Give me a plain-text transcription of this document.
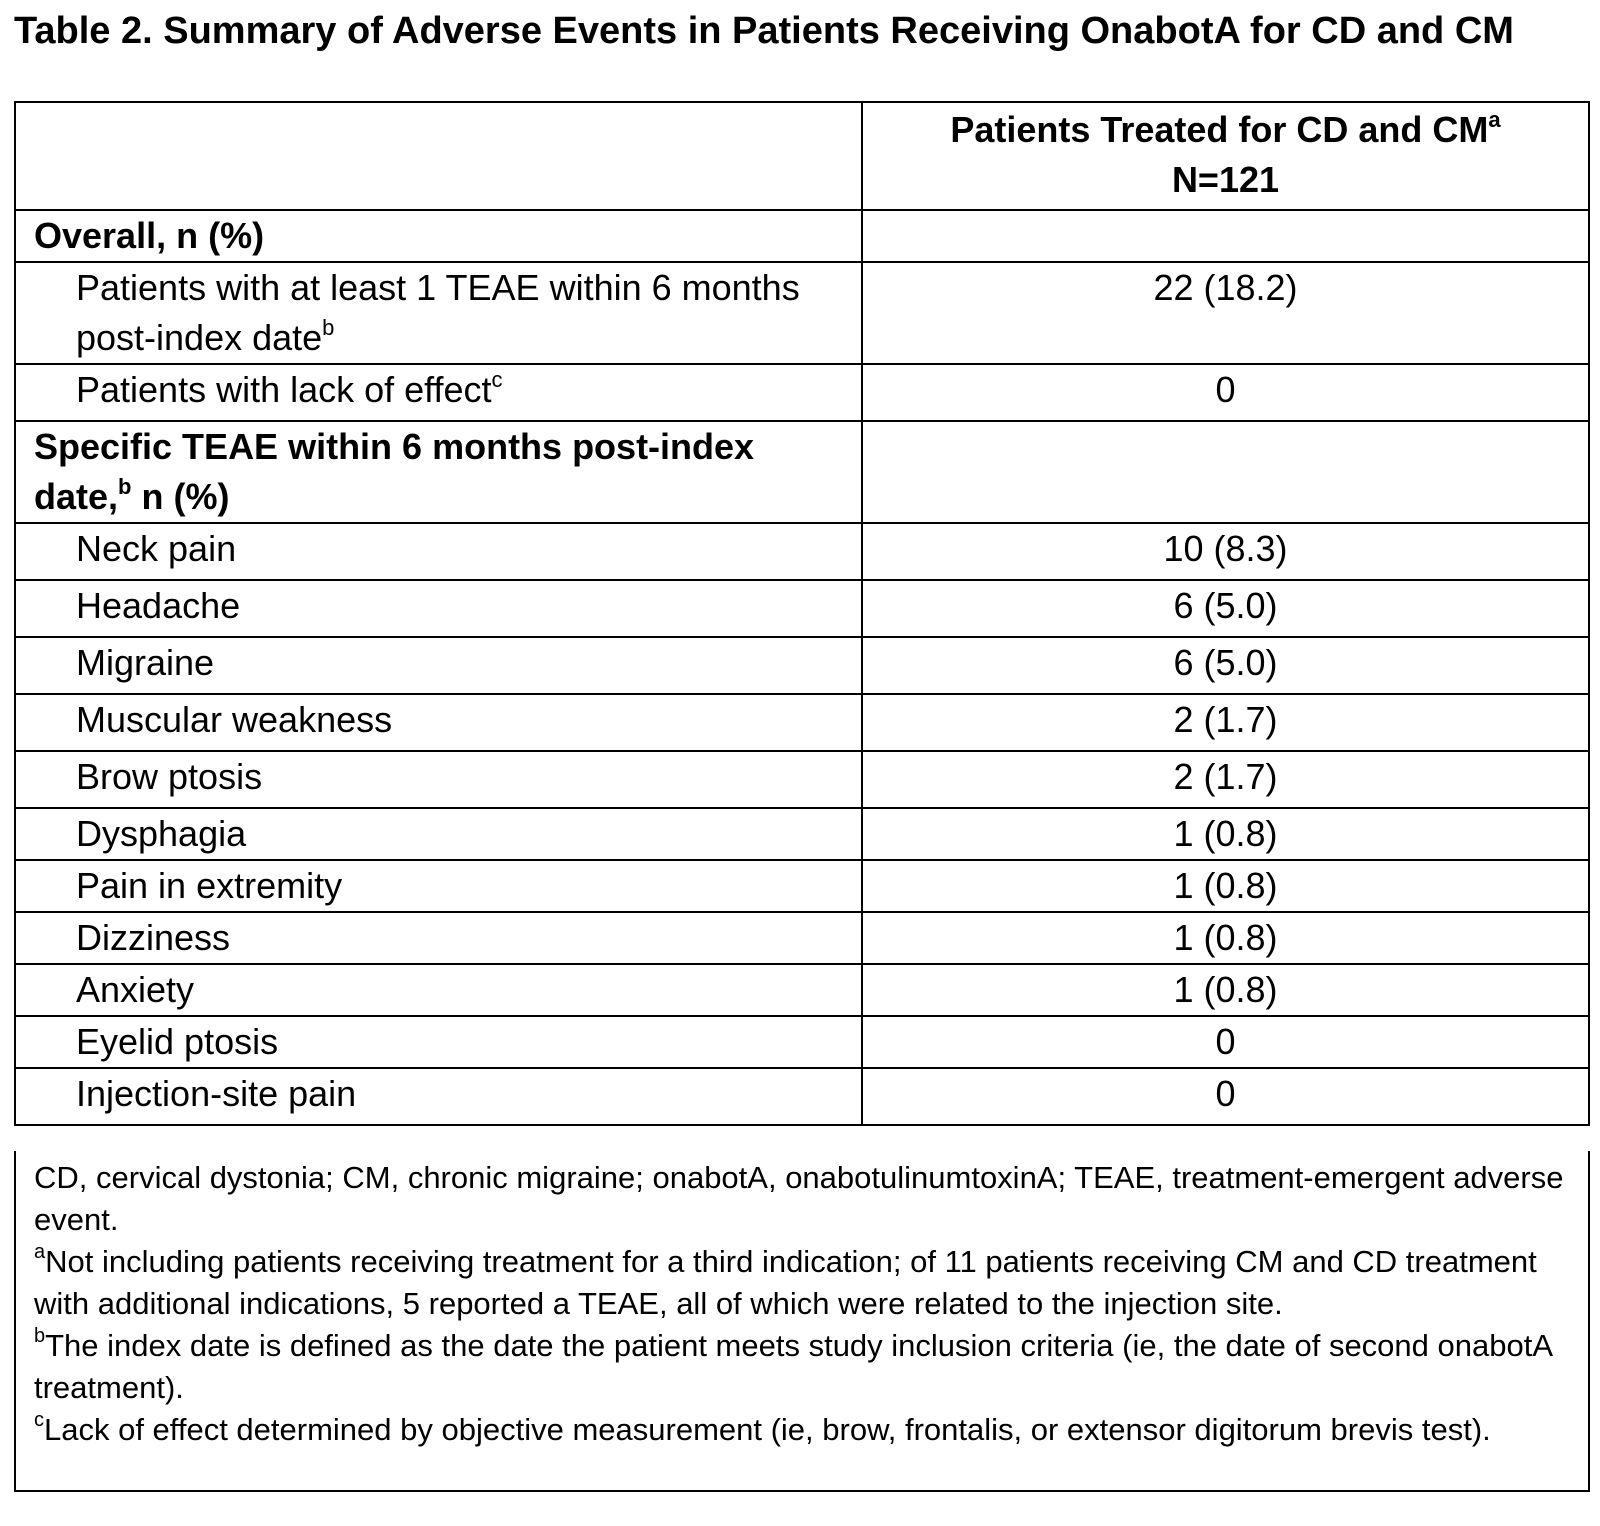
Table 2. Summary of Adverse Events in Patients Receiving OnabotA for CD and CM
	Patients Treated for CD and $CM^a$
N=121
Overall, n (%)	
Patients with at least 1 TEAE within 6 months post-index date$^b$	22 (18.2)
Patients with lack of effect$^c$	0
Specific TEAE within 6 months post-index date,$^b$ n (%)	
Neck pain	10 (8.3)
Headache	6 (5.0)
Migraine	6 (5.0)
Muscular weakness	2 (1.7)
Brow ptosis	2 (1.7)
Dysphagia	1 (0.8)
Pain in extremity	1 (0.8)
Dizziness	1 (0.8)
Anxiety	1 (0.8)
Eyelid ptosis	0
Injection-site pain	0

CD, cervical dystonia; CM, chronic migraine; onabotA, onabotulinumtoxinA; TEAE, treatment-emergent adverse event.

$^a$Not including patients receiving treatment for a third indication; of 11 patients receiving CM and CD treatment with additional indications, 5 reported a TEAE, all of which were related to the injection site.

$^b$The index date is defined as the date the patient meets study inclusion criteria (ie, the date of second onabotA treatment).

$^c$Lack of effect determined by objective measurement (ie, brow, frontalis, or extensor digitorum brevis test).
